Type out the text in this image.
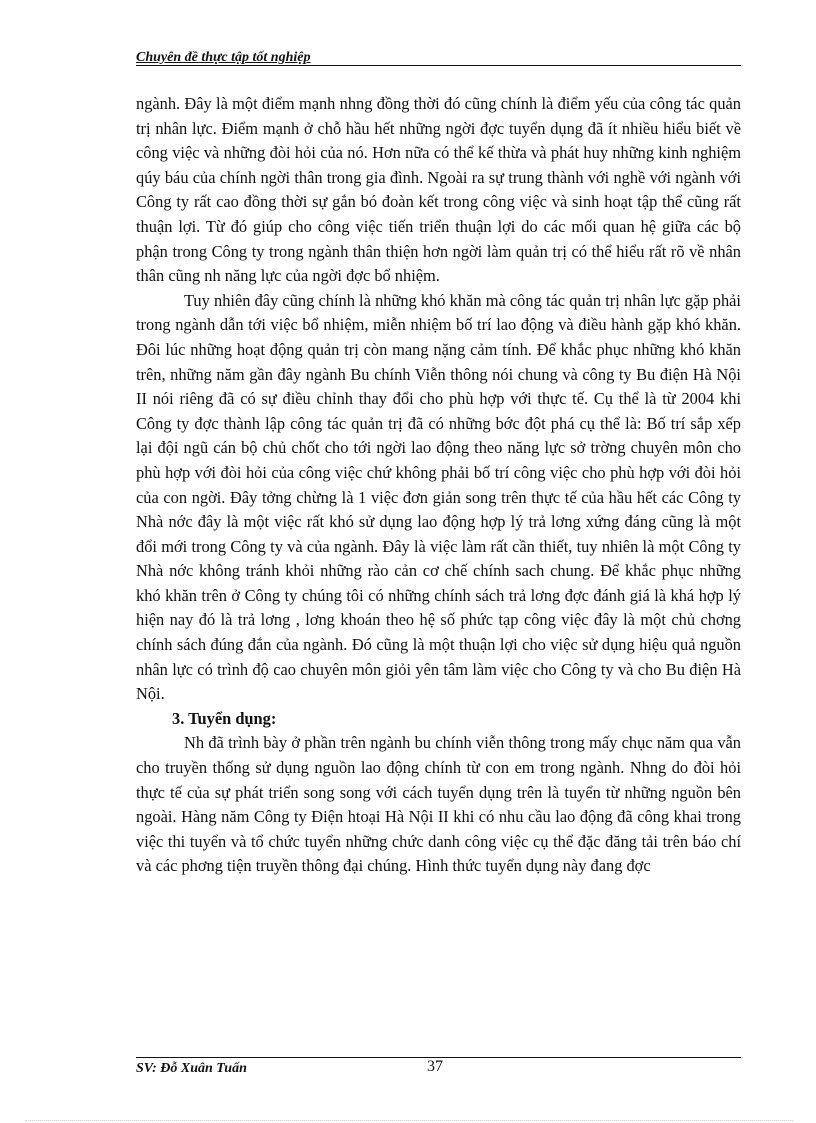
Chuyên đề thực tập tốt nghiệp

ngành. Đây là một điểm mạnh nhng đồng thời đó cũng chính là điểm yếu của công tác quản trị nhân lực. Điểm mạnh ở chỗ hầu hết những ngời đợc tuyển dụng đã ít nhiều hiểu biết về công việc và những đòi hỏi của nó. Hơn nữa có thể kế thừa và phát huy những kinh nghiệm qúy báu của chính ngời thân trong gia đình. Ngoài ra sự trung thành với nghề với ngành với Công ty rất cao đồng thời sự gắn bó đoàn kết trong công việc và sinh hoạt tập thể cũng rất thuận lợi. Từ đó giúp cho công việc tiến triển thuận lợi do các mối quan hệ giữa các bộ phận trong Công ty trong ngành thân thiện hơn ngời làm quản trị có thể hiểu rất rõ về nhân thân cũng nh năng lực của ngời đợc bổ nhiệm.

Tuy nhiên đây cũng chính là những khó khăn mà công tác quản trị nhân lực gặp phải trong ngành dẫn tới việc bổ nhiệm, miễn nhiệm bố trí lao động và điều hành gặp khó khăn. Đôi lúc những hoạt động quản trị còn mang nặng cảm tính. Để khắc phục những khó khăn trên, những năm gần đây ngành Bu chính Viễn thông nói chung và công ty Bu điện Hà Nội II nói riêng đã có sự điều chỉnh thay đổi cho phù hợp với thực tế. Cụ thể là từ 2004 khi Công ty đợc thành lập công tác quản trị đã có những bớc đột phá cụ thể là: Bố trí sắp xếp lại đội ngũ cán bộ chủ chốt cho tới ngời lao động theo năng lực sở trờng chuyên môn cho phù hợp với đòi hỏi của công việc chứ không phải bố trí công việc cho phù hợp với đòi hỏi của con ngời. Đây tởng chừng là 1 việc đơn giản song trên thực tế của hầu hết các Công ty Nhà nớc đây là một việc rất khó sử dụng lao động hợp lý trả lơng xứng đáng cũng là một đổi mới trong Công ty và của ngành. Đây là việc làm rất cần thiết, tuy nhiên là một Công ty Nhà nớc không tránh khỏi những rào cản cơ chế chính sach chung. Để khắc phục những khó khăn trên ở Công ty chúng tôi có những chính sách trả lơng đợc đánh giá là khá hợp lý hiện nay đó là trả lơng , lơng khoán theo hệ số phức tạp công việc đây là một chủ chơng chính sách đúng đắn của ngành. Đó cũng là một thuận lợi cho việc sử dụng hiệu quả nguồn nhân lực có trình độ cao chuyên môn giỏi yên tâm làm việc cho Công ty và cho Bu điện Hà Nội.

3. Tuyển dụng:

Nh đã trình bày ở phần trên ngành bu chính viễn thông trong mấy chục năm qua vẫn cho truyền thống sử dụng nguồn lao động chính từ con em trong ngành. Nhng do đòi hỏi thực tế của sự phát triển song song với cách tuyển dụng trên là tuyển từ những nguồn bên ngoài. Hàng năm Công ty Điện htoại Hà Nội II khi có nhu cầu lao động đã công khai trong việc thi tuyển và tổ chức tuyển những chức danh công việc cụ thể đặc đăng tải trên báo chí và các phơng tiện truyền thông đại chúng. Hình thức tuyển dụng này đang đợc

SV: Đỗ Xuân Tuấn	37
